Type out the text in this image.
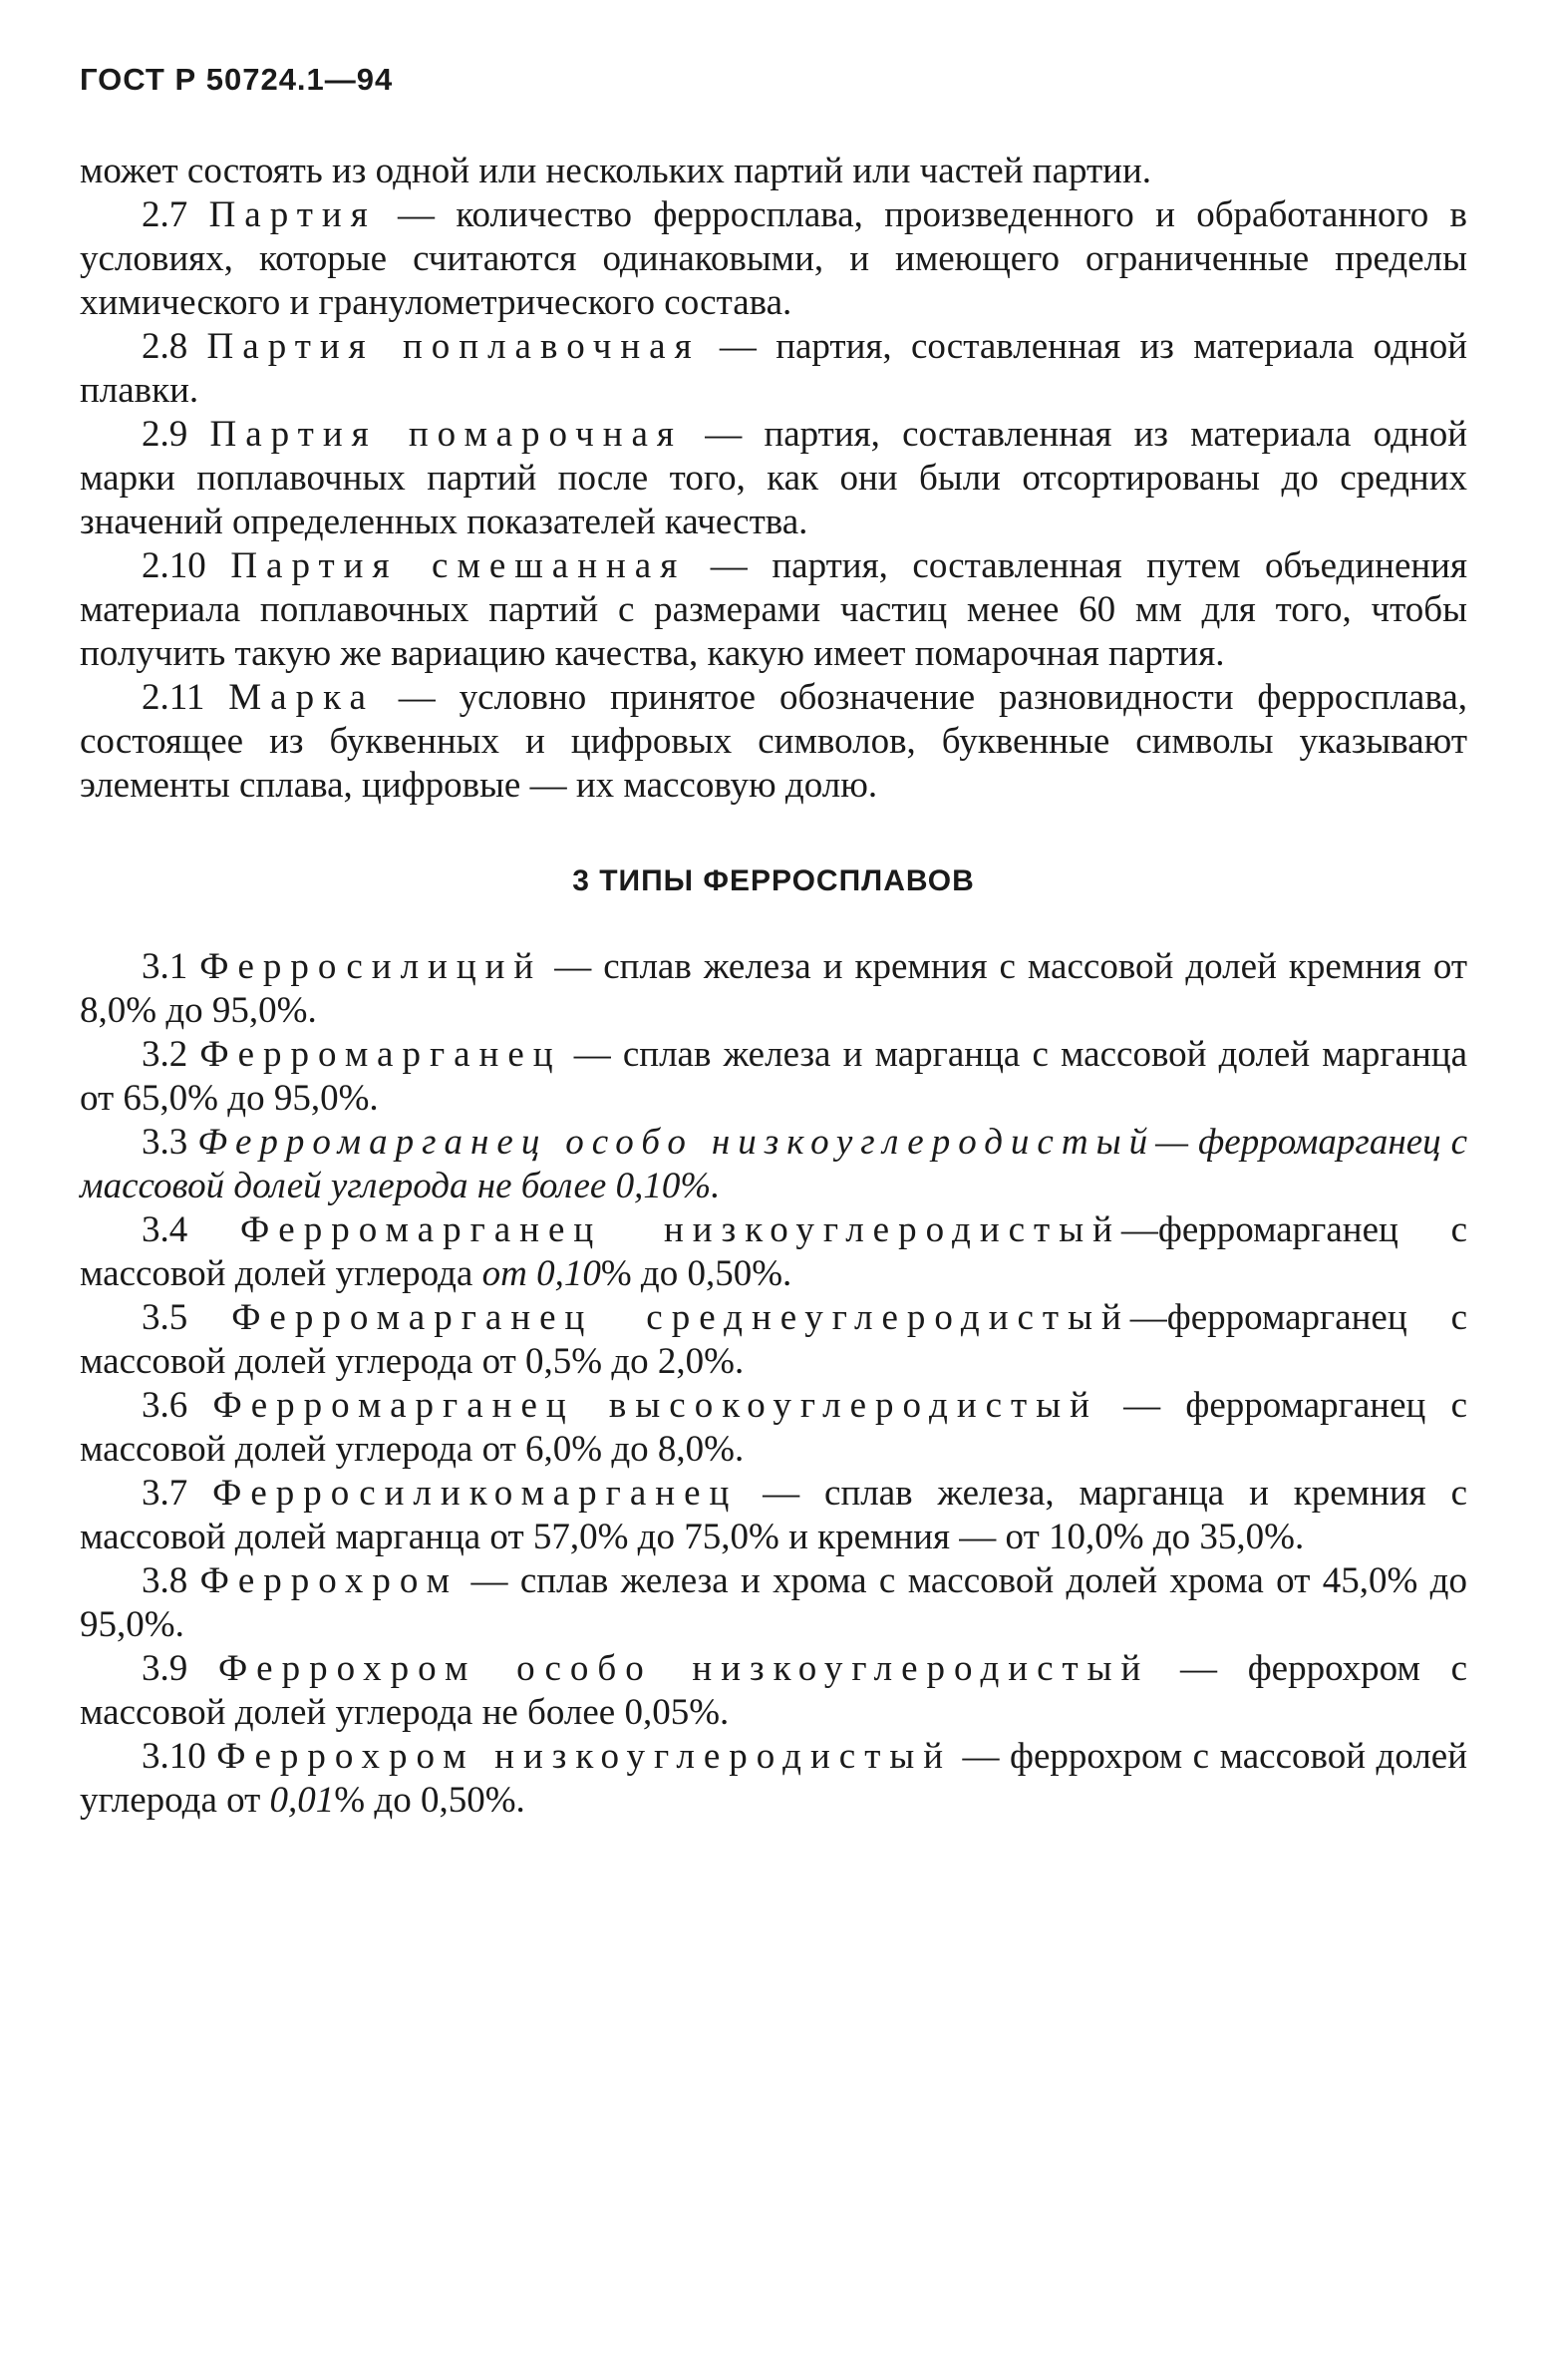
ГОСТ Р 50724.1—94

может состоять из одной или нескольких партий или частей партии.

2.7 Партия — количество ферросплава, произведенного и обработанного в условиях, которые считаются одинаковыми, и имеющего ограниченные пределы химического и гранулометрического состава.

2.8 Партия поплавочная — партия, составленная из материала одной плавки.

2.9 Партия помарочная — партия, составленная из материала одной марки поплавочных партий после того, как они были отсортированы до средних значений определенных показателей качества.

2.10 Партия смешанная — партия, составленная путем объединения материала поплавочных партий с размерами частиц менее 60 мм для того, чтобы получить такую же вариацию качества, какую имеет помарочная партия.

2.11 Марка — условно принятое обозначение разновидности ферросплава, состоящее из буквенных и цифровых символов, буквенные символы указывают элементы сплава, цифровые — их массовую долю.

3 ТИПЫ ФЕРРОСПЛАВОВ

3.1 Ферросилиций — сплав железа и кремния с массовой долей кремния от 8,0% до 95,0%.

3.2 Ферромарганец — сплав железа и марганца с массовой долей марганца от 65,0% до 95,0%.

3.3 Ферромарганец особо низкоуглеродистый— ферромарганец с массовой долей углерода не более 0,10%.

3.4 Ферромарганец низкоуглеродистый—ферромарганец с массовой долей углерода от 0,10% до 0,50%.

3.5 Ферромарганец среднеуглеродистый—ферромарганец с массовой долей углерода от 0,5% до 2,0%.

3.6 Ферромарганец высокоуглеродистый — ферромарганец с массовой долей углерода от 6,0% до 8,0%.

3.7 Ферросиликомарганец — сплав железа, марганца и кремния с массовой долей марганца от 57,0% до 75,0% и кремния — от 10,0% до 35,0%.

3.8 Феррохром — сплав железа и хрома с массовой долей хрома от 45,0% до 95,0%.

3.9 Феррохром особо низкоуглеродистый — феррохром с массовой долей углерода не более 0,05%.

3.10 Феррохром низкоуглеродистый — феррохром с массовой долей углерода от 0,01% до 0,50%.
